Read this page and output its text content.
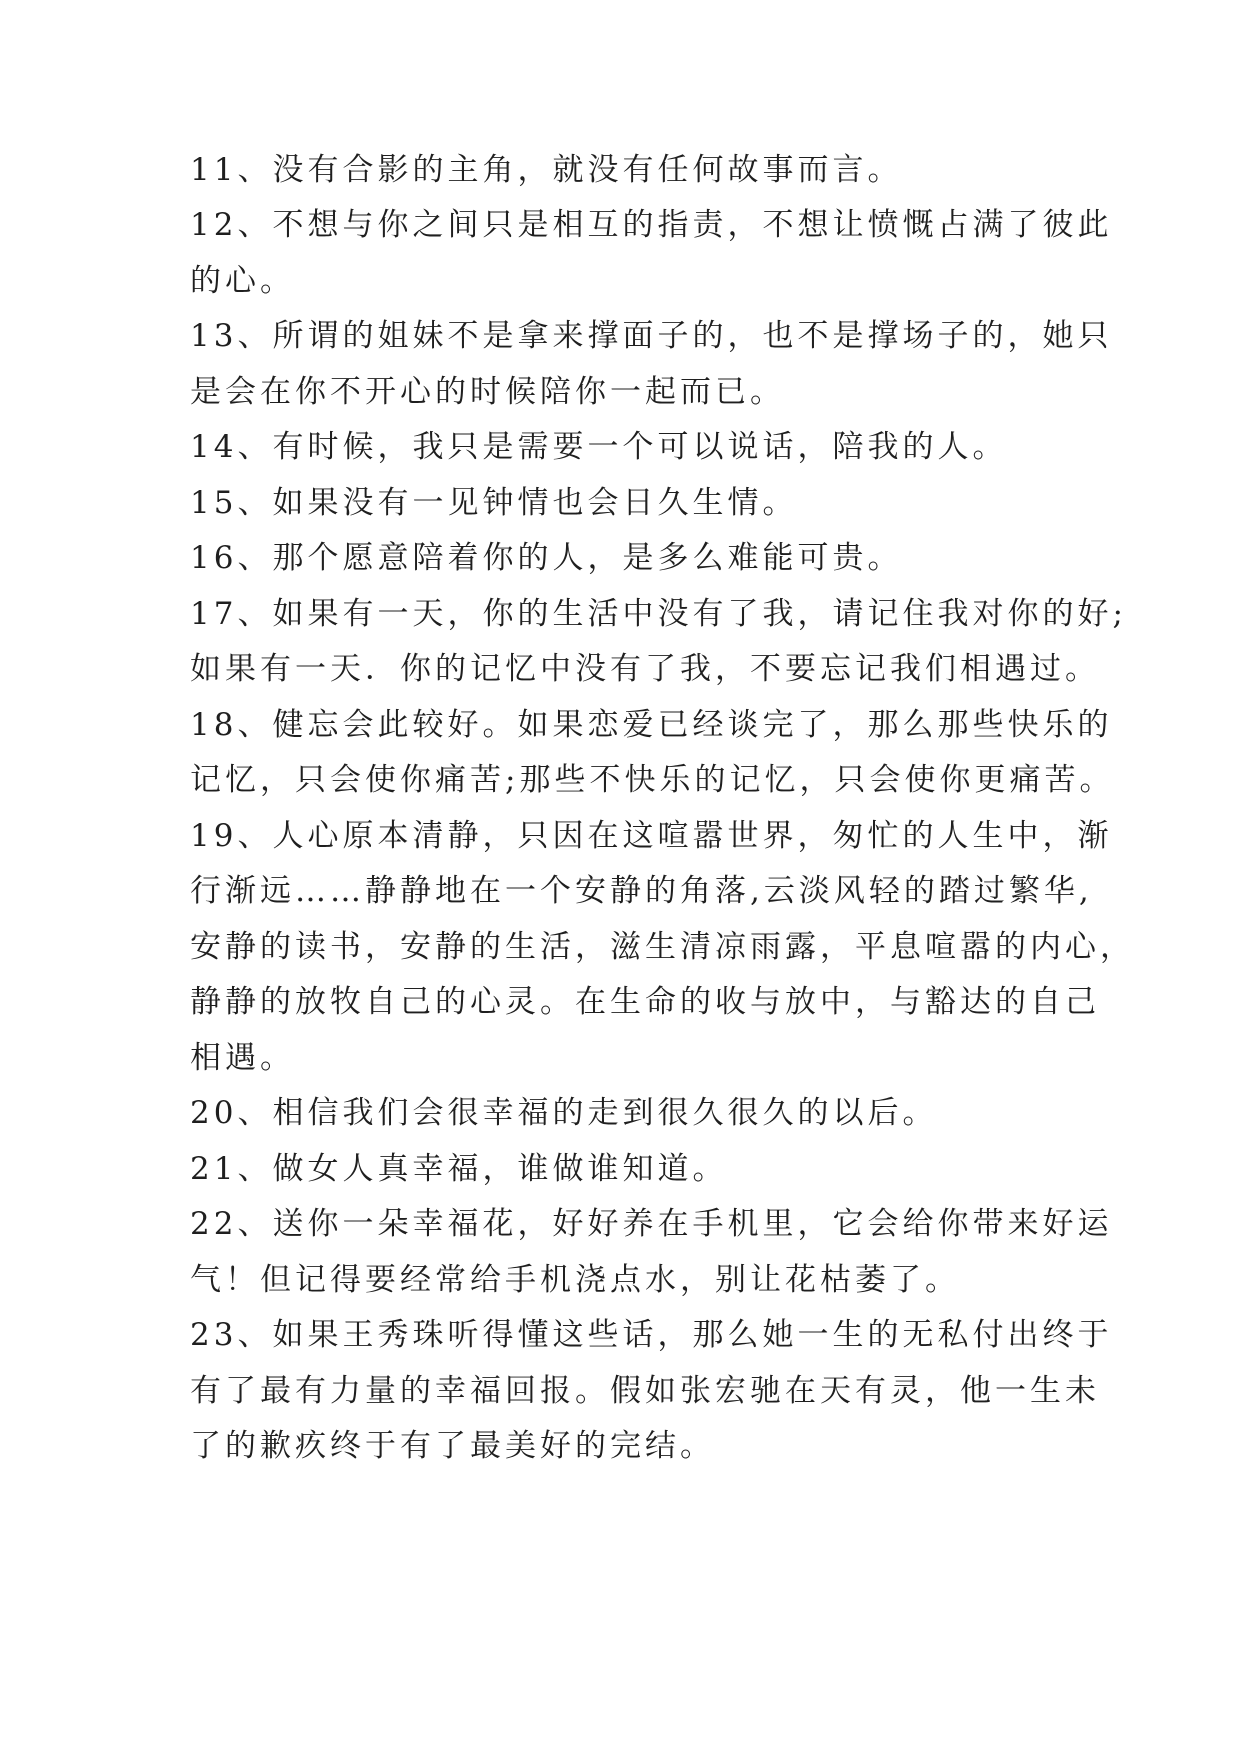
11、没有合影的主角，就没有任何故事而言。
12、不想与你之间只是相互的指责，不想让愤慨占满了彼此
的心。
13、所谓的姐妹不是拿来撑面子的，也不是撑场子的，她只
是会在你不开心的时候陪你一起而已。
14、有时候，我只是需要一个可以说话，陪我的人。
15、如果没有一见钟情也会日久生情。
16、那个愿意陪着你的人，是多么难能可贵。
17、如果有一天，你的生活中没有了我，请记住我对你的好;
如果有一天．你的记忆中没有了我，不要忘记我们相遇过。
18、健忘会此较好。如果恋爱已经谈完了，那么那些快乐的
记忆，只会使你痛苦;那些不快乐的记忆，只会使你更痛苦。
19、人心原本清静，只因在这喧嚣世界，匆忙的人生中，渐
行渐远……静静地在一个安静的角落,云淡风轻的踏过繁华,
安静的读书，安静的生活，滋生清凉雨露，平息喧嚣的内心，
静静的放牧自己的心灵。在生命的收与放中，与豁达的自己
相遇。
20、相信我们会很幸福的走到很久很久的以后。
21、做女人真幸福，谁做谁知道。
22、送你一朵幸福花，好好养在手机里，它会给你带来好运
气！但记得要经常给手机浇点水，别让花枯萎了。
23、如果王秀珠听得懂这些话，那么她一生的无私付出终于
有了最有力量的幸福回报。假如张宏驰在天有灵，他一生未
了的歉疚终于有了最美好的完结。
